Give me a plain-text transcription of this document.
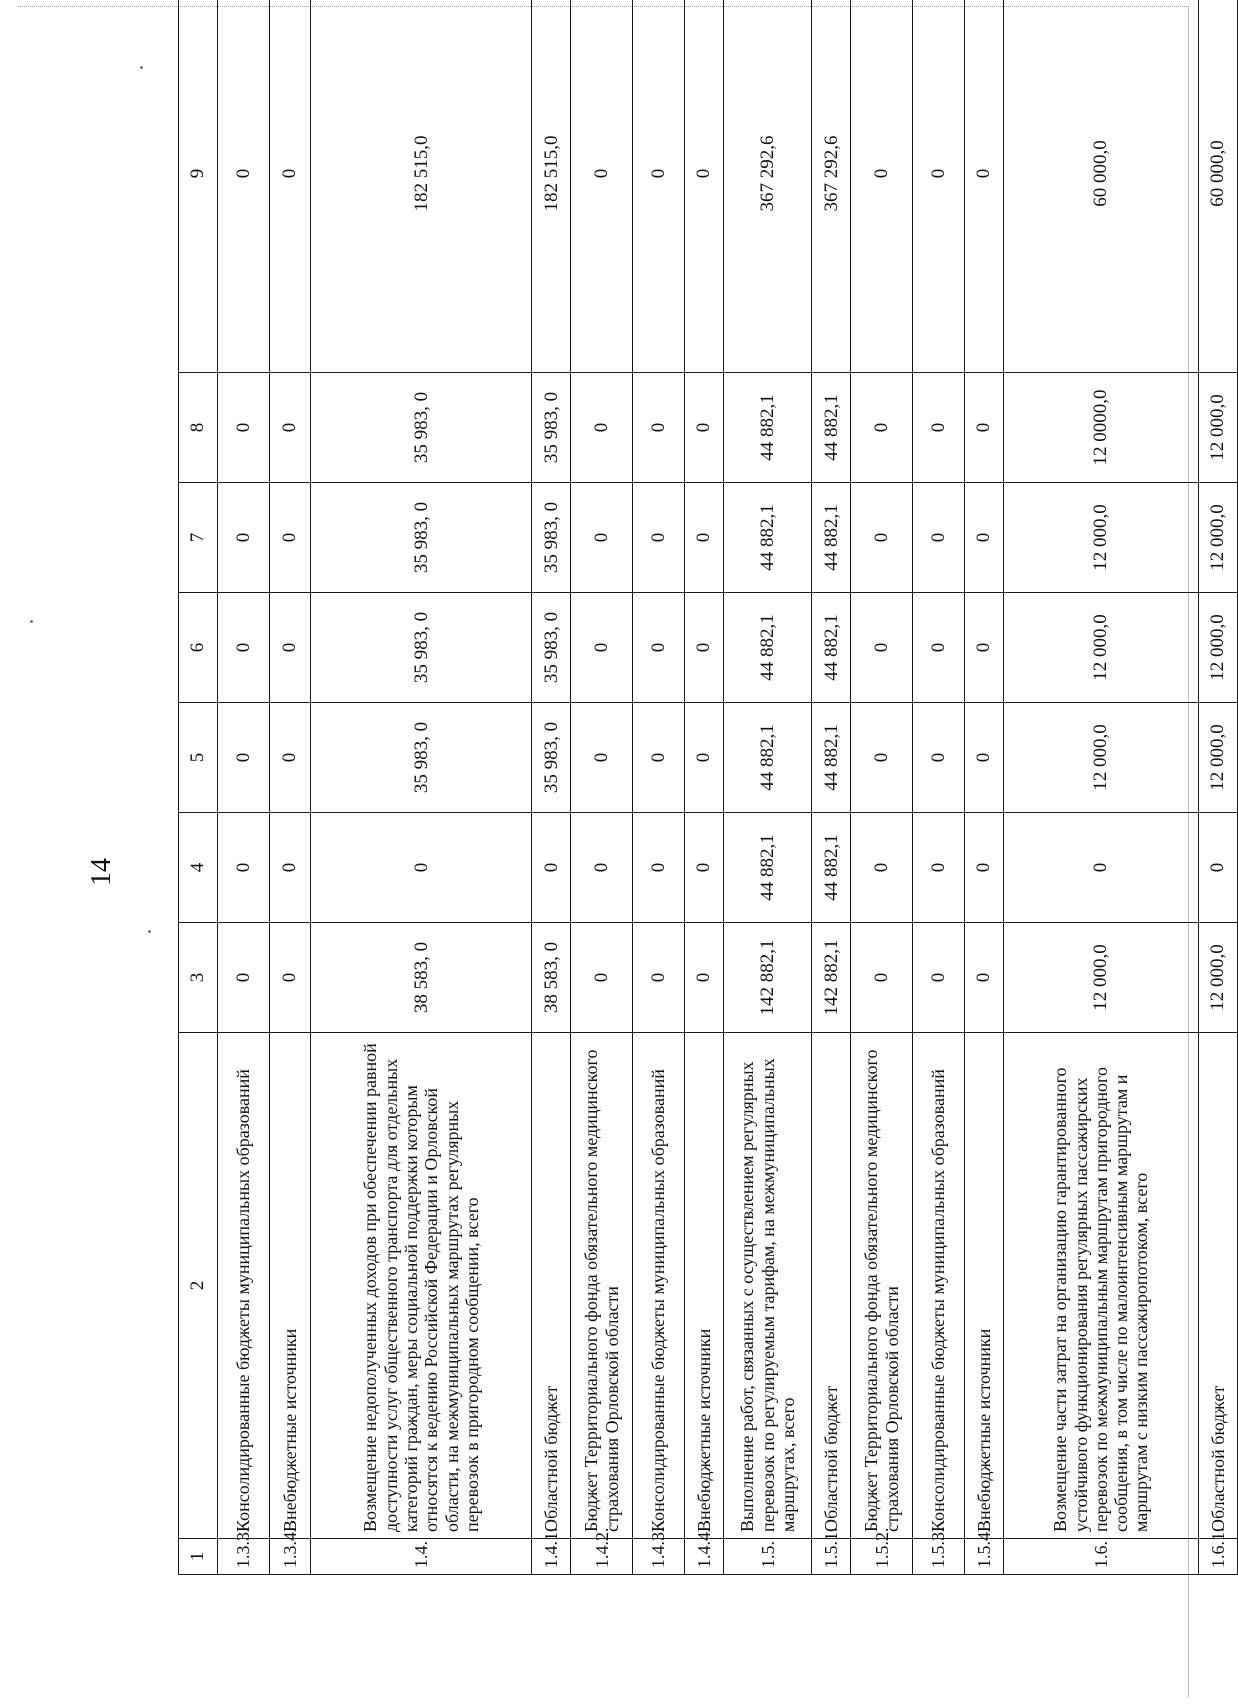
14
1	2	3	4	5	6	7	8	9
1.3.3.	Консолидированные бюджеты муниципальных образований	0	0	0	0	0	0	0
1.3.4.	Внебюджетные источники	0	0	0	0	0	0	0
1.4.	Возмещение недополученных доходов при обеспечении равной доступности услуг общественного транспорта для отдельных категорий граждан, меры социальной поддержки которым относятся к ведению Российской Федерации и Орловской области, на межмуниципальных маршрутах регулярных перевозок в пригородном сообщении, всего	38 583, 0	0	35 983, 0	35 983, 0	35 983, 0	35 983, 0	182 515,0
1.4.1.	Областной бюджет	38 583, 0	0	35 983, 0	35 983, 0	35 983, 0	35 983, 0	182 515,0
1.4.2.	Бюджет Территориального фонда обязательного медицинского страхования Орловской области	0	0	0	0	0	0	0
1.4.3.	Консолидированные бюджеты муниципальных образований	0	0	0	0	0	0	0
1.4.4.	Внебюджетные источники	0	0	0	0	0	0	0
1.5.	Выполнение работ, связанных с осуществлением регулярных перевозок по регулируемым тарифам, на межмуниципальных маршрутах, всего	142 882,1	44 882,1	44 882,1	44 882,1	44 882,1	44 882,1	367 292,6
1.5.1.	Областной бюджет	142 882,1	44 882,1	44 882,1	44 882,1	44 882,1	44 882,1	367 292,6
1.5.2.	Бюджет Территориального фонда обязательного медицинского страхования Орловской области	0	0	0	0	0	0	0
1.5.3.	Консолидированные бюджеты муниципальных образований	0	0	0	0	0	0	0
1.5.4.	Внебюджетные источники	0	0	0	0	0	0	0
1.6.	Возмещение части затрат на организацию гарантированного устойчивого функционирования регулярных пассажирских перевозок по межмуниципальным маршрутам пригородного сообщения, в том числе по малоинтенсивным маршрутам и маршрутам с низким пассажиропотоком, всего	12 000,0	0	12 000,0	12 000,0	12 000,0	12 0000,0	60 000,0
1.6.1.	Областной бюджет	12 000,0	0	12 000,0	12 000,0	12 000,0	12 000,0	60 000,0
